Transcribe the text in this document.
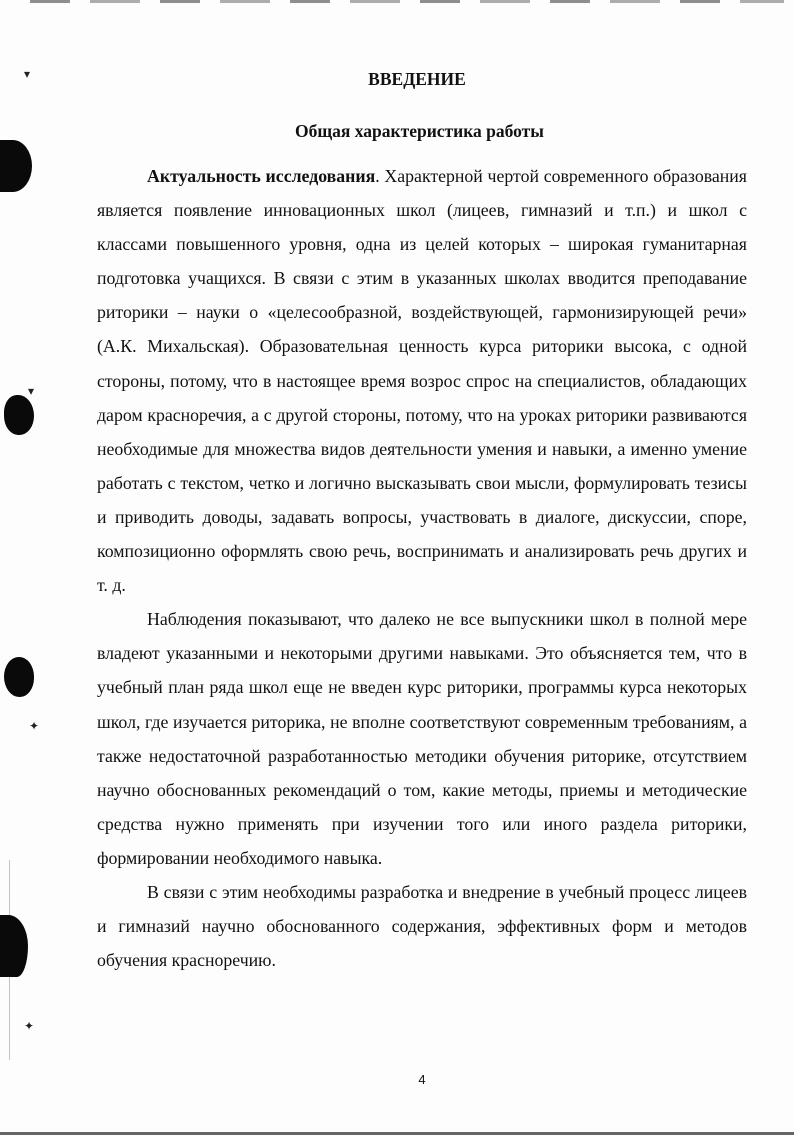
▾
▾
✦
✦
ВВЕДЕНИЕ
Общая характеристика работы

Актуальность исследования. Характерной чертой современного образования является появление инновационных школ (лицеев, гимназий и т.п.) и школ с классами повышенного уровня, одна из целей которых – широкая гуманитарная подготовка учащихся. В связи с этим в указанных школах вводится преподавание риторики – науки о «целесообразной, воздействующей, гармонизирующей речи» (А.К. Михальская). Образовательная ценность курса риторики высока, с одной стороны, потому, что в настоящее время возрос спрос на специалистов, обладающих даром красноречия, а с другой стороны, потому, что на уроках риторики развиваются необходимые для множества видов деятельности умения и навыки, а именно умение работать с текстом, четко и логично высказывать свои мысли, формулировать тезисы и приводить доводы, задавать вопросы, участвовать в диалоге, дискуссии, споре, композиционно оформлять свою речь, воспринимать и анализировать речь других и т. д.

Наблюдения показывают, что далеко не все выпускники школ в полной мере владеют указанными и некоторыми другими навыками. Это объясняется тем, что в учебный план ряда школ еще не введен курс риторики, программы курса некоторых школ, где изучается риторика, не вполне соответствуют современным требованиям, а также недостаточной разработанностью методики обучения риторике, отсутствием научно обоснованных рекомендаций о том, какие методы, приемы и методические средства нужно применять при изучении того или иного раздела риторики, формировании необходимого навыка.

В связи с этим необходимы разработка и внедрение в учебный процесс лицеев и гимназий научно обоснованного содержания, эффективных форм и методов обучения красноречию.

4
